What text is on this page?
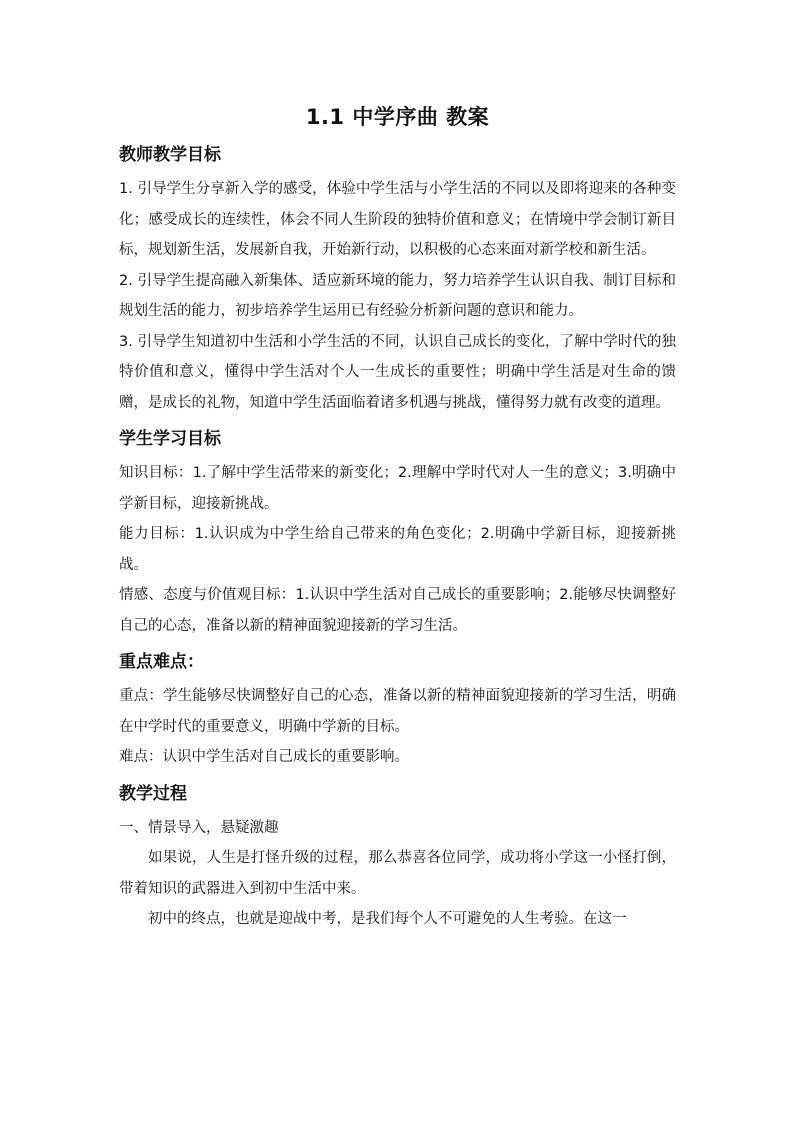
1.1 中学序曲 教案
教师教学目标

1. 引导学生分享新入学的感受，体验中学生活与小学生活的不同以及即将迎来的各种变化；感受成长的连续性，体会不同人生阶段的独特价值和意义；在情境中学会制订新目标，规划新生活，发展新自我，开始新行动，以积极的心态来面对新学校和新生活。

2. 引导学生提高融入新集体、适应新环境的能力，努力培养学生认识自我、制订目标和规划生活的能力，初步培养学生运用已有经验分析新问题的意识和能力。

3. 引导学生知道初中生活和小学生活的不同，认识自己成长的变化，了解中学时代的独特价值和意义，懂得中学生活对个人一生成长的重要性；明确中学生活是对生命的馈赠，是成长的礼物，知道中学生活面临着诸多机遇与挑战，懂得努力就有改变的道理。

学生学习目标

知识目标：1.了解中学生活带来的新变化；2.理解中学时代对人一生的意义；3.明确中学新目标，迎接新挑战。

能力目标：1.认识成为中学生给自己带来的角色变化；2.明确中学新目标，迎接新挑战。

情感、态度与价值观目标：1.认识中学生活对自己成长的重要影响；2.能够尽快调整好自己的心态，准备以新的精神面貌迎接新的学习生活。

重点难点：

重点：学生能够尽快调整好自己的心态，准备以新的精神面貌迎接新的学习生活，明确在中学时代的重要意义，明确中学新的目标。

难点：认识中学生活对自己成长的重要影响。

教学过程

一、情景导入，悬疑激趣

如果说，人生是打怪升级的过程，那么恭喜各位同学，成功将小学这一小怪打倒，带着知识的武器进入到初中生活中来。

初中的终点，也就是迎战中考，是我们每个人不可避免的人生考验。在这一
